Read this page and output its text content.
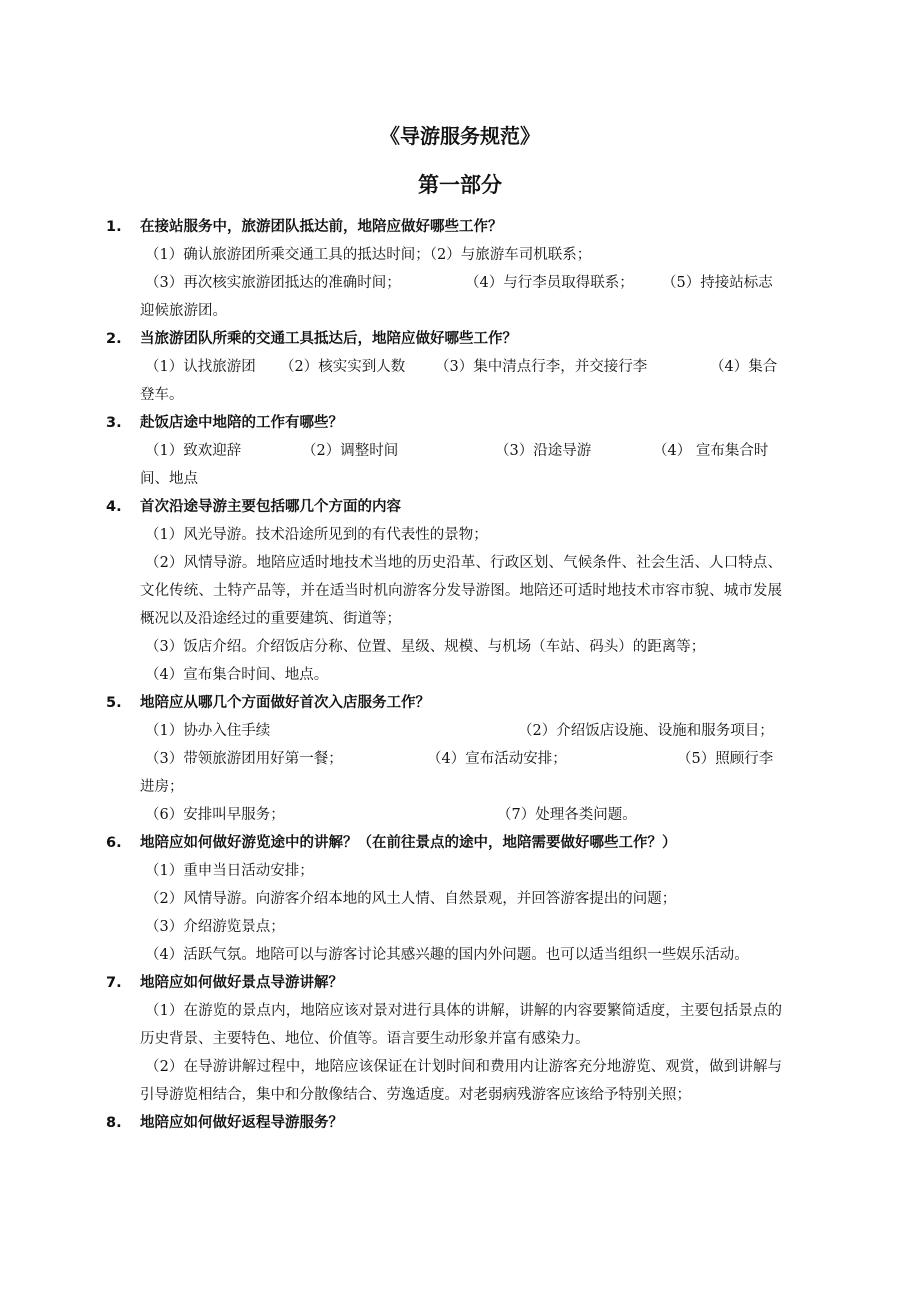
《导游服务规范》
第一部分
1. 在接站服务中，旅游团队抵达前，地陪应做好哪些工作？
（1）确认旅游团所乘交通工具的抵达时间；（2）与旅游车司机联系；
（3）再次核实旅游团抵达的准确时间；	（4）与行李员取得联系； （5）持接站标志

迎候旅游团。

2. 当旅游团队所乘的交通工具抵达后，地陪应做好哪些工作？
（1）认找旅游团 （2）核实实到人数 （3）集中清点行李，并交接行李	（4）集合

登车。

3. 赴饭店途中地陪的工作有哪些？
（1）致欢迎辞	（2）调整时间	（3）沿途导游	（4） 宣布集合时

间、地点

4. 首次沿途导游主要包括哪几个方面的内容

（1）风光导游。技术沿途所见到的有代表性的景物；

（2）风情导游。地陪应适时地技术当地的历史沿革、行政区划、气候条件、社会生活、人口特点、文化传统、土特产品等，并在适当时机向游客分发导游图。地陪还可适时地技术市容市貌、城市发展概况以及沿途经过的重要建筑、街道等；

（3）饭店介绍。介绍饭店分称、位置、星级、规模、与机场（车站、码头）的距离等；

（4）宣布集合时间、地点。

5. 地陪应从哪几个方面做好首次入店服务工作？
（1）协办入住手续	（2）介绍饭店设施、设施和服务项目；
（3）带领旅游团用好第一餐；	（4）宣布活动安排；	（5）照顾行李

进房；

（6）安排叫早服务；	（7）处理各类问题。
6. 地陪应如何做好游览途中的讲解？（在前往景点的途中，地陪需要做好哪些工作？）

（1）重申当日活动安排；

（2）风情导游。向游客介绍本地的风土人情、自然景观，并回答游客提出的问题；

（3）介绍游览景点；

（4）活跃气氛。地陪可以与游客讨论其感兴趣的国内外问题。也可以适当组织一些娱乐活动。

7. 地陪应如何做好景点导游讲解？

（1）在游览的景点内，地陪应该对景对进行具体的讲解，讲解的内容要繁简适度，主要包括景点的历史背景、主要特色、地位、价值等。语言要生动形象并富有感染力。

（2）在导游讲解过程中，地陪应该保证在计划时间和费用内让游客充分地游览、观赏，做到讲解与引导游览相结合，集中和分散像结合、劳逸适度。对老弱病残游客应该给予特别关照；

8. 地陪应如何做好返程导游服务？
